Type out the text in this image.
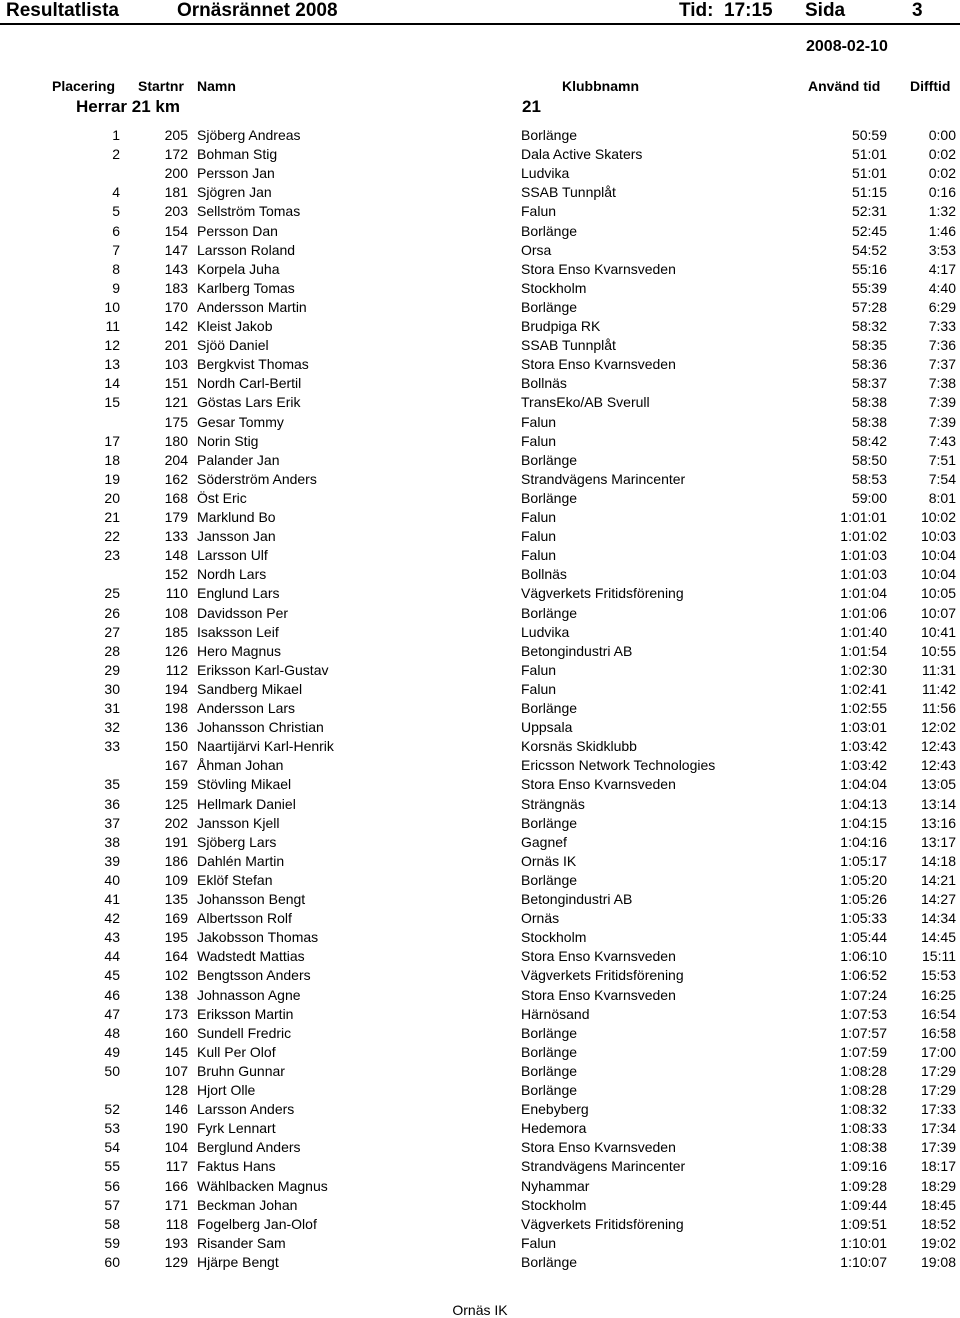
Resultatlista	Ornäsrännet 2008	Tid: 17:15 Sida	3
2008-02-10
Placering Startnr Namn	Klubbnamn	Använd tid Difftid
Herrar 21 km	21
1	205 Sjöberg Andreas	Borlänge	50:59	0:00
2	172 Bohman Stig	Dala Active Skaters	51:01	0:02
200 Persson Jan	Ludvika	51:01	0:02
4	181 Sjögren Jan	SSAB Tunnplåt	51:15	0:16
5	203 Sellström Tomas	Falun	52:31	1:32
6	154 Persson Dan	Borlänge	52:45	1:46
7	147 Larsson Roland	Orsa	54:52	3:53
8	143 Korpela Juha	Stora Enso Kvarnsveden	55:16	4:17
9	183 Karlberg Tomas	Stockholm	55:39	4:40
10	170 Andersson Martin	Borlänge	57:28	6:29
11	142 Kleist Jakob	Brudpiga RK	58:32	7:33
12	201 Sjöö Daniel	SSAB Tunnplåt	58:35	7:36
13	103 Bergkvist Thomas	Stora Enso Kvarnsveden	58:36	7:37
14	151 Nordh Carl-Bertil	Bollnäs	58:37	7:38
15	121 Göstas Lars Erik	TransEko/AB Sverull	58:38	7:39
175 Gesar Tommy	Falun	58:38	7:39
17	180 Norin Stig	Falun	58:42	7:43
18	204 Palander Jan	Borlänge	58:50	7:51
19	162 Söderström Anders	Strandvägens Marincenter	58:53	7:54
20	168 Öst Eric	Borlänge	59:00	8:01
21	179 Marklund Bo	Falun	1:01:01 10:02
22	133 Jansson Jan	Falun	1:01:02 10:03
23	148 Larsson Ulf	Falun	1:01:03 10:04
152 Nordh Lars	Bollnäs	1:01:03 10:04
25	110 Englund Lars	Vägverkets Fritidsförening	1:01:04 10:05
26	108 Davidsson Per	Borlänge	1:01:06 10:07
27	185 Isaksson Leif	Ludvika	1:01:40 10:41
28	126 Hero Magnus	Betongindustri AB	1:01:54 10:55
29	112 Eriksson Karl-Gustav	Falun	1:02:30	11:31
30	194 Sandberg Mikael	Falun	1:02:41	11:42
31	198 Andersson Lars	Borlänge	1:02:55	11:56
32	136 Johansson Christian	Uppsala	1:03:01 12:02
33	150 Naartijärvi Karl-Henrik	Korsnäs Skidklubb	1:03:42 12:43
167 Åhman Johan	Ericsson Network Technologies	1:03:42 12:43
35	159 Stövling Mikael	Stora Enso Kvarnsveden	1:04:04 13:05
36	125 Hellmark Daniel	Strängnäs	1:04:13 13:14
37	202 Jansson Kjell	Borlänge	1:04:15 13:16
38	191 Sjöberg Lars	Gagnef	1:04:16 13:17
39	186 Dahlén Martin	Ornäs IK	1:05:17 14:18
40	109 Eklöf Stefan	Borlänge	1:05:20 14:21
41	135 Johansson Bengt	Betongindustri AB	1:05:26 14:27
42	169 Albertsson Rolf	Ornäs	1:05:33 14:34
43	195 Jakobsson Thomas	Stockholm	1:05:44 14:45
44	164 Wadstedt Mattias	Stora Enso Kvarnsveden	1:06:10	15:11
45	102 Bengtsson Anders	Vägverkets Fritidsförening	1:06:52 15:53
46	138 Johnasson Agne	Stora Enso Kvarnsveden	1:07:24 16:25
47	173 Eriksson Martin	Härnösand	1:07:53 16:54
48	160 Sundell Fredric	Borlänge	1:07:57 16:58
49	145 Kull Per Olof	Borlänge	1:07:59 17:00
50	107 Bruhn Gunnar	Borlänge	1:08:28 17:29
128 Hjort Olle	Borlänge	1:08:28 17:29
52	146 Larsson Anders	Enebyberg	1:08:32 17:33
53	190 Fyrk Lennart	Hedemora	1:08:33 17:34
54	104 Berglund Anders	Stora Enso Kvarnsveden	1:08:38 17:39
55	117 Faktus Hans	Strandvägens Marincenter	1:09:16 18:17
56	166 Wählbacken Magnus	Nyhammar	1:09:28 18:29
57	171 Beckman Johan	Stockholm	1:09:44 18:45
58	118 Fogelberg Jan-Olof	Vägverkets Fritidsförening	1:09:51 18:52
59	193 Risander Sam	Falun	1:10:01 19:02
60	129 Hjärpe Bengt	Borlänge	1:10:07 19:08
Ornäs IK
